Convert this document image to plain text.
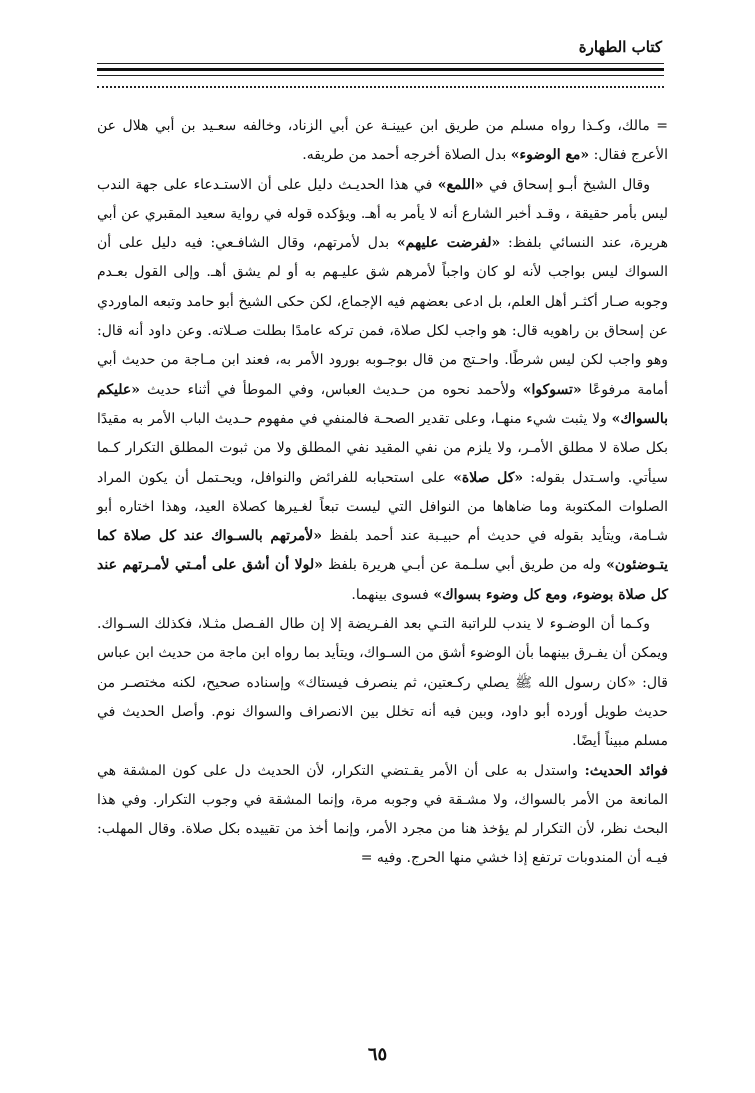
كتاب الطهارة

= مالك، وكـذا رواه مسلم من طريق ابن عيينـة عن أبي الزناد، وخالفه سعـيد بن أبي هلال عن الأعرج فقال: «مع الوضوء» بدل الصلاة أخرجه أحمد من طريقه.

وقال الشيخ أبـو إسحاق في «اللمع» في هذا الحديـث دليل على أن الاستـدعاء على جهة الندب ليس بأمر حقيقة ، وقـد أخبر الشارع أنه لا يأمر به أهـ. ويؤكده قوله في رواية سعيد المقبري عن أبي هريرة، عند النسائي بلفظ: «لفرضت عليهم» بدل لأمرتهم، وقال الشافـعي: فيه دليل على أن السواك ليس بواجب لأنه لو كان واجباً لأمرهم شق عليـهم به أو لم يشق أهـ. وإلى القول بعـدم وجوبه صـار أكثـر أهل العلم، بل ادعى بعضهم فيه الإجماع، لكن حكى الشيخ أبو حامد وتبعه الماوردي عن إسحاق بن راهويه قال: هو واجب لكل صلاة، فمن تركه عامدًا بطلت صـلاته. وعن داود أنه قال: وهو واجب لكن ليس شرطًا. واحـتج من قال بوجـوبه بورود الأمر به، فعند ابن مـاجة من حديث أبي أمامة مرفوعًا «تسوكوا» ولأحمد نحوه من حـديث العباس، وفي الموطأ في أثناء حديث «عليكم بالسواك» ولا يثبت شيء منهـا، وعلى تقدير الصحـة فالمنفي في مفهوم حـديث الباب الأمر به مقيدًا بكل صلاة لا مطلق الأمـر، ولا يلزم من نفي المقيد نفي المطلق ولا من ثبوت المطلق التكرار كـما سيأتي. واسـتدل بقوله: «كل صلاة» على استحبابه للفرائض والنوافل، ويحـتمل أن يكون المراد الصلوات المكتوبة وما ضاهاها من النوافل التي ليست تبعاً لغـيرها كصلاة العيد، وهذا اختاره أبو شـامة، ويتأيد بقوله في حديث أم حبيـبة عند أحمد بلفظ «لأمرتهم بالسـواك عند كل صلاة كما يتـوضئون» وله من طريق أبي سلـمة عن أبـي هريرة بلفظ «لولا أن أشق على أمـتي لأمـرتهم عند كل صلاة بوضوء، ومع كل وضوء بسواك» فسوى بينهما.

وكـما أن الوضـوء لا يندب للراتبة التـي بعد الفـريضة إلا إن طال الفـصل مثـلا، فكذلك السـواك. ويمكن أن يفـرق بينهما بأن الوضوء أشق من السـواك، ويتأيد بما رواه ابن ماجة من حديث ابن عباس قال: «كان رسول الله ﷺ يصلي ركـعتين، ثم ينصرف فيستاك» وإسناده صحيح، لكنه مختصـر من حديث طويل أورده أبو داود، وبين فيه أنه تخلل بين الانصراف والسواك نوم. وأصل الحديث في مسلم مبيناً أيضًا.

فوائد الحديث: واستدل به على أن الأمر يقـتضي التكرار، لأن الحديث دل على كون المشقة هي المانعة من الأمر بالسواك، ولا مشـقة في وجوبه مرة، وإنما المشقة في وجوب التكرار. وفي هذا البحث نظر، لأن التكرار لم يؤخذ هنا من مجرد الأمر، وإنما أخذ من تقييده بكل صلاة. وقال المهلب: فيـه أن المندوبات ترتفع إذا خشي منها الحرج. وفيه =

٦٥
